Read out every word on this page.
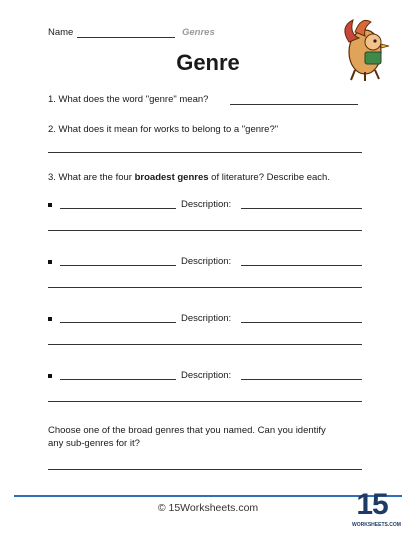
Name	Genres
Genre
1. What does the word "genre" mean?
2. What does it mean for works to belong to a "genre?"
3. What are the four broadest genres of literature? Describe each.
Description:
Description:
Description:
Description:
Choose one of the broad genres that you named. Can you identify
any sub-genres for it?
© 15Worksheets.com	15
WORKSHEETS.COM
